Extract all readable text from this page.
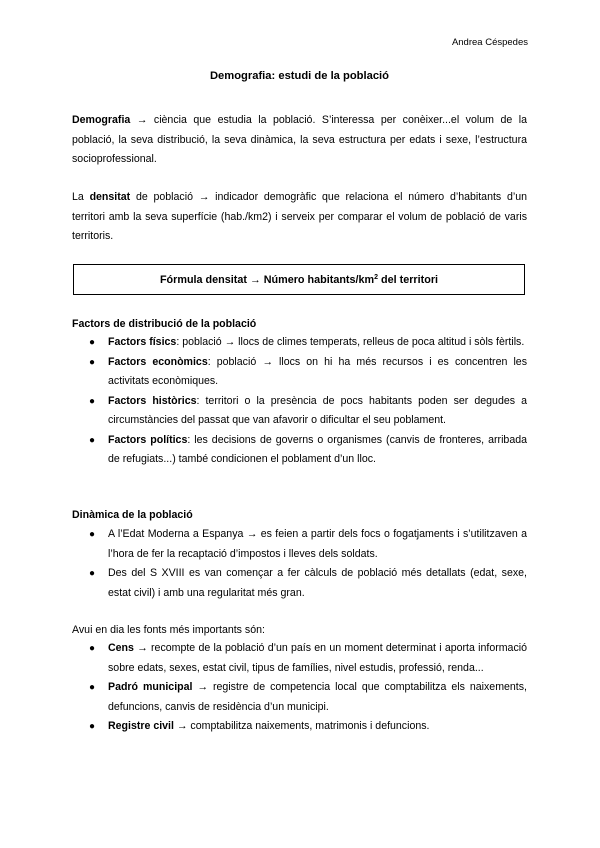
Andrea Céspedes
Demografia: estudi de la població

Demografia → ciència que estudia la població. S’interessa per conèixer...el volum de la població, la seva distribució, la seva dinàmica, la seva estructura per edats i sexe, l’estructura socioprofessional.

La densitat de població → indicador demogràfic que relaciona el número d’habitants d’un territori amb la seva superfície (hab./km2) i serveix per comparar el volum de població de varis territoris.

Fórmula densitat → Número habitants/$km^2$ del territori
Factors de distribució de la població
● Factors físics: població → llocs de climes temperats, relleus de poca altitud i sòls fèrtils.
● Factors econòmics: població → llocs on hi ha més recursos i es concentren les activitats econòmiques.
● Factors històrics: territori o la presència de pocs habitants poden ser degudes a circumstàncies del passat que van afavorir o dificultar el seu poblament.
● Factors polítics: les decisions de governs o organismes (canvis de fronteres, arribada de refugiats...) també condicionen el poblament d’un lloc.
Dinàmica de la població
● A l’Edat Moderna a Espanya → es feien a partir dels focs o fogatjaments i s’utilitzaven a l’hora de fer la recaptació d’impostos i lleves dels soldats.
● Des del S XVIII es van començar a fer càlculs de població més detallats (edat, sexe, estat civil) i amb una regularitat més gran.
Avui en dia les fonts més importants són:
● Cens → recompte de la població d’un país en un moment determinat i aporta informació sobre edats, sexes, estat civil, tipus de famílies, nivel estudis, professió, renda...
● Padró municipal → registre de competencia local que comptabilitza els naixements, defuncions, canvis de residència d’un municipi.
● Registre civil → comptabilitza naixements, matrimonis i defuncions.
